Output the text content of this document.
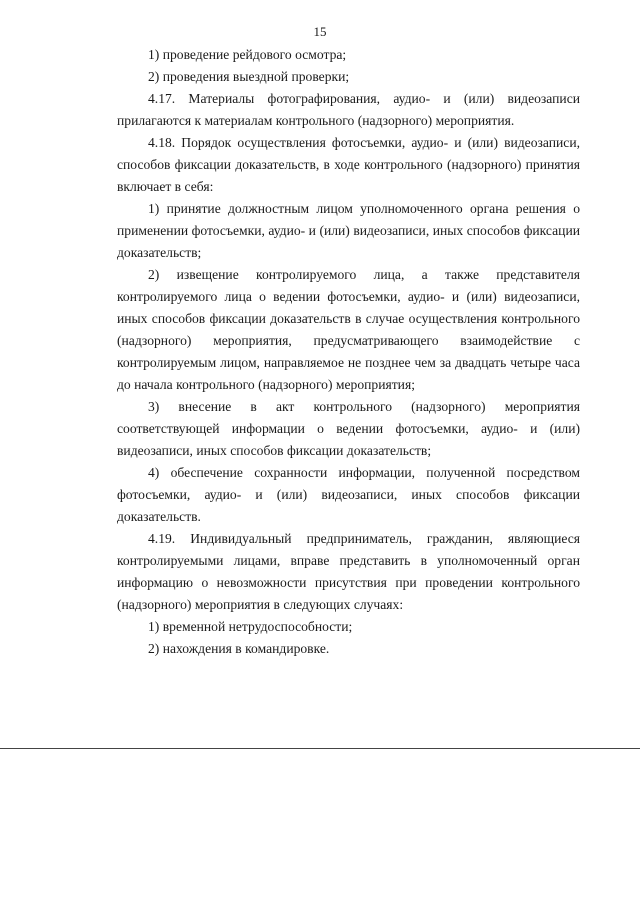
15

1) проведение рейдового осмотра;

2) проведения выездной проверки;

4.17. Материалы фотографирования, аудио- и (или) видеозаписи прилагаются к материалам контрольного (надзорного) мероприятия.

4.18. Порядок осуществления фотосъемки, аудио- и (или) видеозаписи, способов фиксации доказательств, в ходе контрольного (надзорного) принятия включает в себя:

1) принятие должностным лицом уполномоченного органа решения о применении фотосъемки, аудио- и (или) видеозаписи, иных способов фиксации доказательств;

2) извещение контролируемого лица, а также представителя контролируемого лица о ведении фотосъемки, аудио- и (или) видеозаписи, иных способов фиксации доказательств в случае осуществления контрольного (надзорного) мероприятия, предусматривающего взаимодействие с контролируемым лицом, направляемое не позднее чем за двадцать четыре часа до начала контрольного (надзорного) мероприятия;

3) внесение в акт контрольного (надзорного) мероприятия соответствующей информации о ведении фотосъемки, аудио- и (или) видеозаписи, иных способов фиксации доказательств;

4) обеспечение сохранности информации, полученной посредством фотосъемки, аудио- и (или) видеозаписи, иных способов фиксации доказательств.

4.19. Индивидуальный предприниматель, гражданин, являющиеся контролируемыми лицами, вправе представить в уполномоченный орган информацию о невозможности присутствия при проведении контрольного (надзорного) мероприятия в следующих случаях:

1) временной нетрудоспособности;

2) нахождения в командировке.
